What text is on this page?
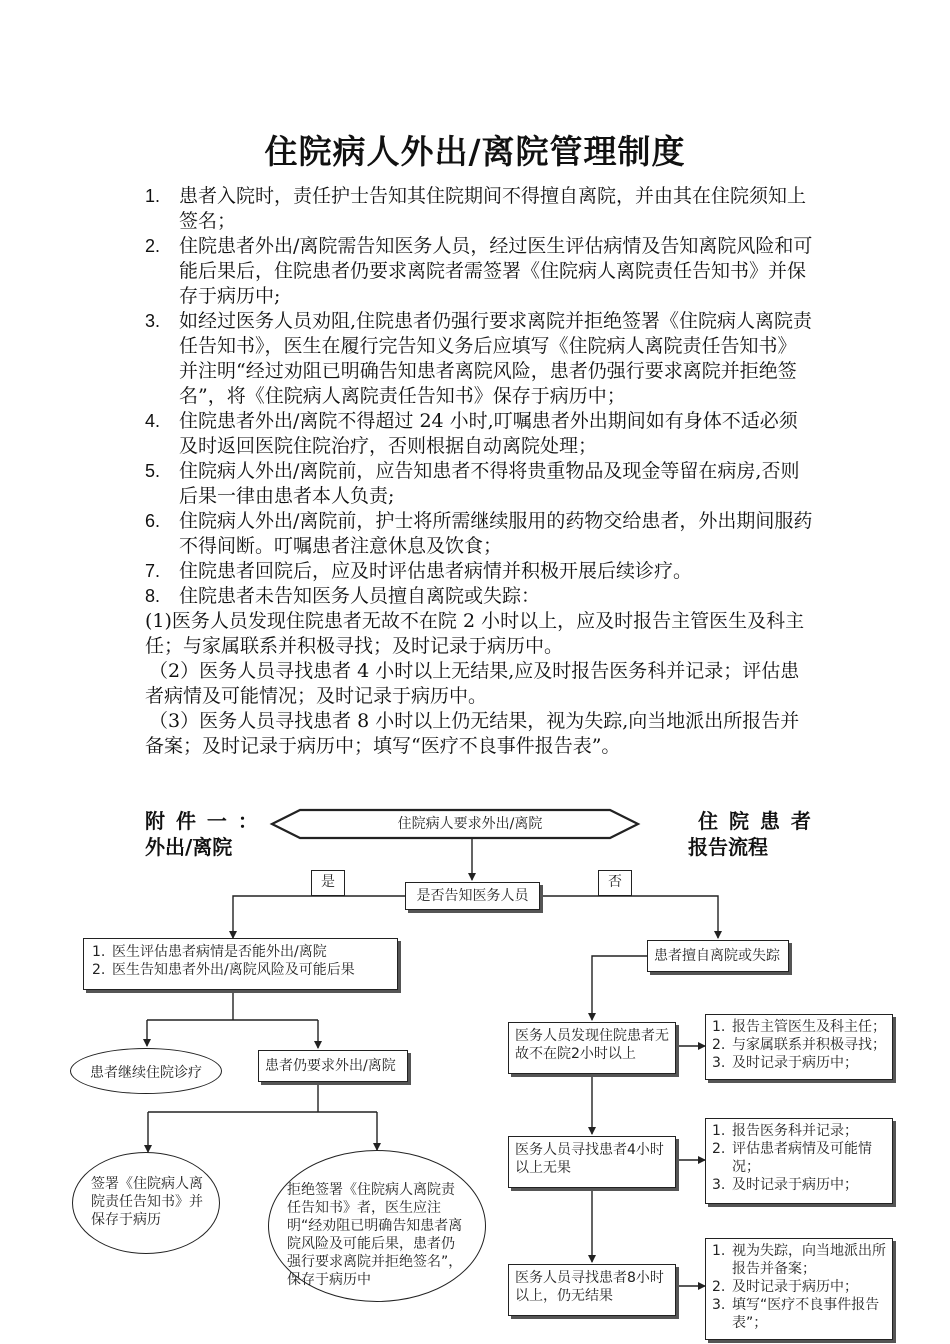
住院病人外出/离院管理制度
1. 患者入院时，责任护士告知其住院期间不得擅自离院，并由其在住院须知上签名；
2. 住院患者外出/离院需告知医务人员，经过医生评估病情及告知离院风险和可能后果后，住院患者仍要求离院者需签署《住院病人离院责任告知书》并保存于病历中;
3. 如经过医务人员劝阻,住院患者仍强行要求离院并拒绝签署《住院病人离院责任告知书》，医生在履行完告知义务后应填写《住院病人离院责任告知书》并注明“经过劝阻已明确告知患者离院风险，患者仍强行要求离院并拒绝签名”，将《住院病人离院责任告知书》保存于病历中；
4. 住院患者外出/离院不得超过 24 小时,叮嘱患者外出期间如有身体不适必须及时返回医院住院治疗，否则根据自动离院处理；
5. 住院病人外出/离院前，应告知患者不得将贵重物品及现金等留在病房,否则后果一律由患者本人负责;
6. 住院病人外出/离院前，护士将所需继续服用的药物交给患者，外出期间服药不得间断。叮嘱患者注意休息及饮食；
7. 住院患者回院后，应及时评估患者病情并积极开展后续诊疗。
8. 住院患者未告知医务人员擅自离院或失踪：
(1)医务人员发现住院患者无故不在院 2 小时以上，应及时报告主管医生及科主任；与家属联系并积极寻找；及时记录于病历中。
（2）医务人员寻找患者 4 小时以上无结果,应及时报告医务科并记录；评估患者病情及可能情况；及时记录于病历中。
（3）医务人员寻找患者 8 小时以上仍无结果，视为失踪,向当地派出所报告并备案；及时记录于病历中；填写“医疗不良事件报告表”。
附 件 一 ：
外出/离院
住 院 患 者
报告流程
住院病人要求外出/离院
是	否
是否告知医务人员
1. 医生评估患者病情是否能外出/离院
2. 医生告知患者外出/离院风险及可能后果
患者继续住院诊疗	患者仍要求外出/离院
签署《住院病人离院责任告知书》并保存于病历
拒绝签署《住院病人离院责任告知书》者，医生应注明“经劝阻已明确告知患者离院风险及可能后果，患者仍强行要求离院并拒绝签名”，保存于病历中
患者擅自离院或失踪
医务人员发现住院患者无故不在院2小时以上
1. 报告主管医生及科主任；
2. 与家属联系并积极寻找；
3. 及时记录于病历中；
医务人员寻找患者4小时以上无果
1. 报告医务科并记录；
2. 评估患者病情及可能情况；
3. 及时记录于病历中；
医务人员寻找患者8小时以上，仍无结果
1. 视为失踪，向当地派出所报告并备案；
2. 及时记录于病历中；
3. 填写“医疗不良事件报告表”；
